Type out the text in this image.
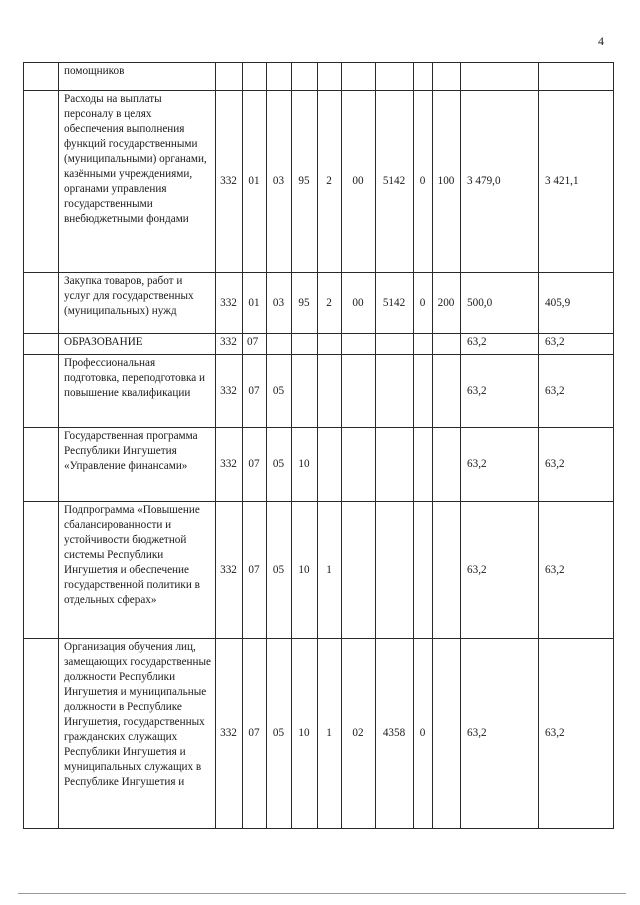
4
	помощников											
	Расходы на выплаты персоналу в целях обеспечения выполнения функций государственными (муниципальными) органами, казёнными учреждениями, органами управления государственными внебюджетными фондами	332	01	03	95	2	00	5142	0	100	3 479,0	3 421,1
	Закупка товаров, работ и услуг для государственных (муниципальных) нужд	332	01	03	95	2	00	5142	0	200	500,0	405,9
	ОБРАЗОВАНИЕ	332	07								63,2	63,2
	Профессиональная подготовка, переподготовка и повышение квалификации	332	07	05							63,2	63,2
	Государственная программа Республики Ингушетия «Управление финансами»	332	07	05	10						63,2	63,2
	Подпрограмма «Повышение сбалансированности и устойчивости бюджетной системы Республики Ингушетия и обеспечение государственной политики в отдельных сферах»	332	07	05	10	1					63,2	63,2
	Организация обучения лиц, замещающих государственные должности Республики Ингушетия и муниципальные должности в Республике Ингушетия, государственных гражданских служащих Республики Ингушетия и муниципальных служащих в Республике Ингушетия и	332	07	05	10	1	02	4358	0		63,2	63,2
